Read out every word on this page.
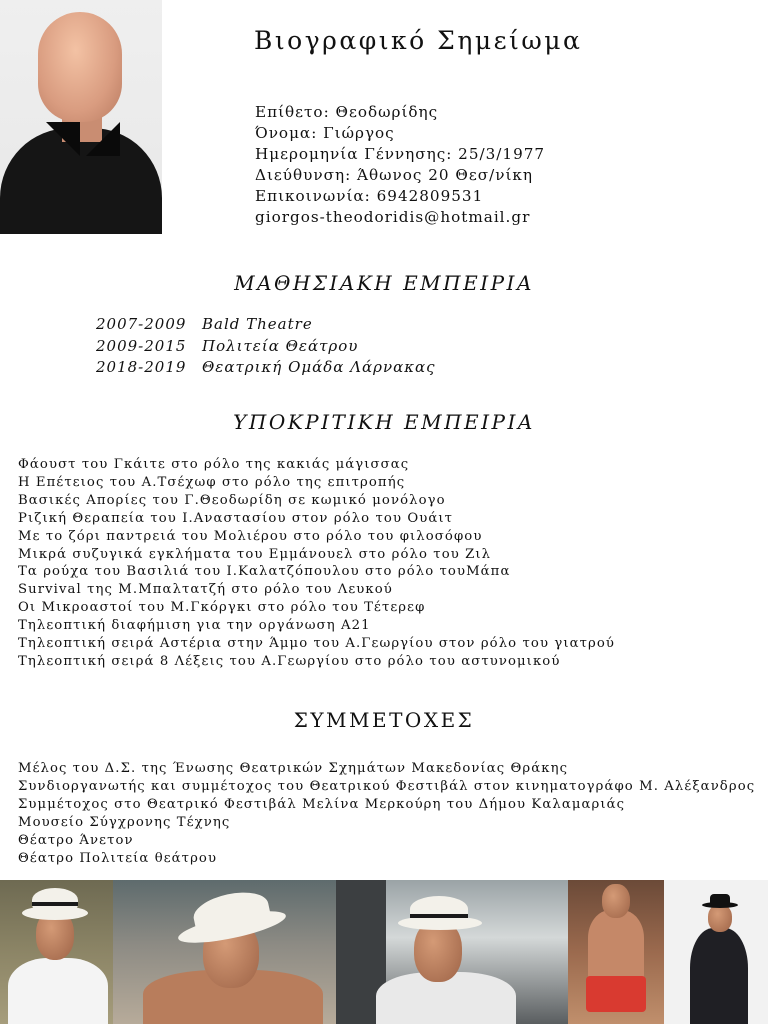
Βιογραφικό Σημείωμα
Επίθετο: Θεοδωρίδης
Όνομα: Γιώργος
Ημερομηνία Γέννησης: 25/3/1977
Διεύθυνση: Άθωνος 20 Θεσ/νίκη
Επικοινωνία: 6942809531
giorgos-theodoridis@hotmail.gr
ΜΑΘΗΣΙΑΚΗ ΕΜΠΕΙΡΙΑ
2007-2009	Bald Theatre
2009-2015	Πολιτεία Θεάτρου
2018-2019	Θεατρική Ομάδα Λάρνακας
ΥΠΟΚΡΙΤΙΚΗ ΕΜΠΕΙΡΙΑ
Φάουστ του Γκάιτε στο ρόλο της κακιάς μάγισσας
Η Επέτειος του Α.Τσέχωφ στο ρόλο της επιτροπής
Βασικές Απορίες του Γ.Θεοδωρίδη σε κωμικό μονόλογο
Ριζική Θεραπεία του Ι.Αναστασίου στον ρόλο του Ουάιτ
Με το ζόρι παντρειά του Μολιέρου στο ρόλο του φιλοσόφου
Μικρά συζυγικά εγκλήματα του Εμμάνουελ στο ρόλο του Ζιλ
Τα ρούχα του Βασιλιά του Ι.Καλατζόπουλου στο ρόλο τουΜάπα
Survival της Μ.Μπαλτατζή στο ρόλο του Λευκού
Οι Μικροαστοί του Μ.Γκόργκι στο ρόλο του Τέτερεφ
Τηλεοπτική διαφήμιση για την οργάνωση Α21
Τηλεοπτική σειρά Αστέρια στην Άμμο του Α.Γεωργίου στον ρόλο του γιατρού
Τηλεοπτική σειρά 8 Λέξεις του Α.Γεωργίου στο ρόλο του αστυνομικού
ΣΥΜΜΕΤΟΧΕΣ
Μέλος του Δ.Σ. της Ένωσης Θεατρικών Σχημάτων Μακεδονίας Θράκης
Συνδιοργανωτής και συμμέτοχος του Θεατρικού Φεστιβάλ στον κινηματογράφο Μ. Αλέξανδρος
Συμμέτοχος στο Θεατρικό Φεστιβάλ Μελίνα Μερκούρη του Δήμου Καλαμαριάς
Μουσείο Σύγχρονης Τέχνης
Θέατρο Άνετον
Θέατρο Πολιτεία θεάτρου
